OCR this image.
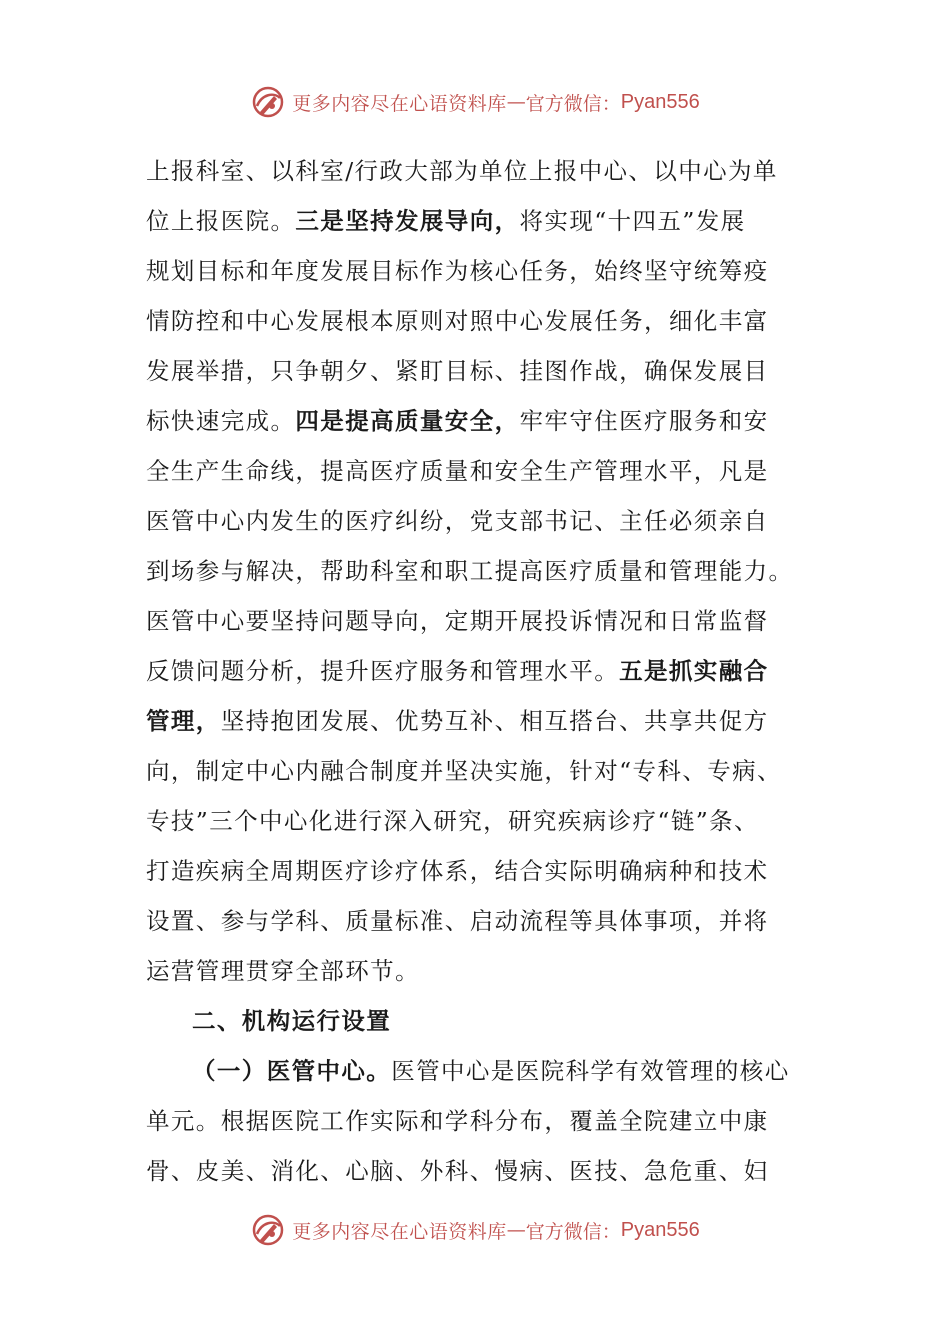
更多内容尽在心语资料库 — 官方微信： Pyan556
上报科室、以科室/行政大部为单位上报中心、以中心为单
位上报医院。三是坚持发展导向，将实现“十四五”发展
规划目标和年度发展目标作为核心任务，始终坚守统筹疫
情防控和中心发展根本原则对照中心发展任务，细化丰富
发展举措，只争朝夕、紧盯目标、挂图作战，确保发展目
标快速完成。四是提高质量安全，牢牢守住医疗服务和安
全生产生命线，提高医疗质量和安全生产管理水平，凡是
医管中心内发生的医疗纠纷，党支部书记、主任必须亲自
到场参与解决，帮助科室和职工提高医疗质量和管理能力。
医管中心要坚持问题导向，定期开展投诉情况和日常监督
反馈问题分析，提升医疗服务和管理水平。五是抓实融合
管理，坚持抱团发展、优势互补、相互搭台、共享共促方
向，制定中心内融合制度并坚决实施，针对“专科、专病、
专技”三个中心化进行深入研究，研究疾病诊疗“链”条、
打造疾病全周期医疗诊疗体系，结合实际明确病种和技术
设置、参与学科、质量标准、启动流程等具体事项，并将
运营管理贯穿全部环节。
二、机构运行设置
（一）医管中心。医管中心是医院科学有效管理的核心
单元。根据医院工作实际和学科分布，覆盖全院建立中康
骨、皮美、消化、心脑、外科、慢病、医技、急危重、妇
更多内容尽在心语资料库 — 官方微信： Pyan556
